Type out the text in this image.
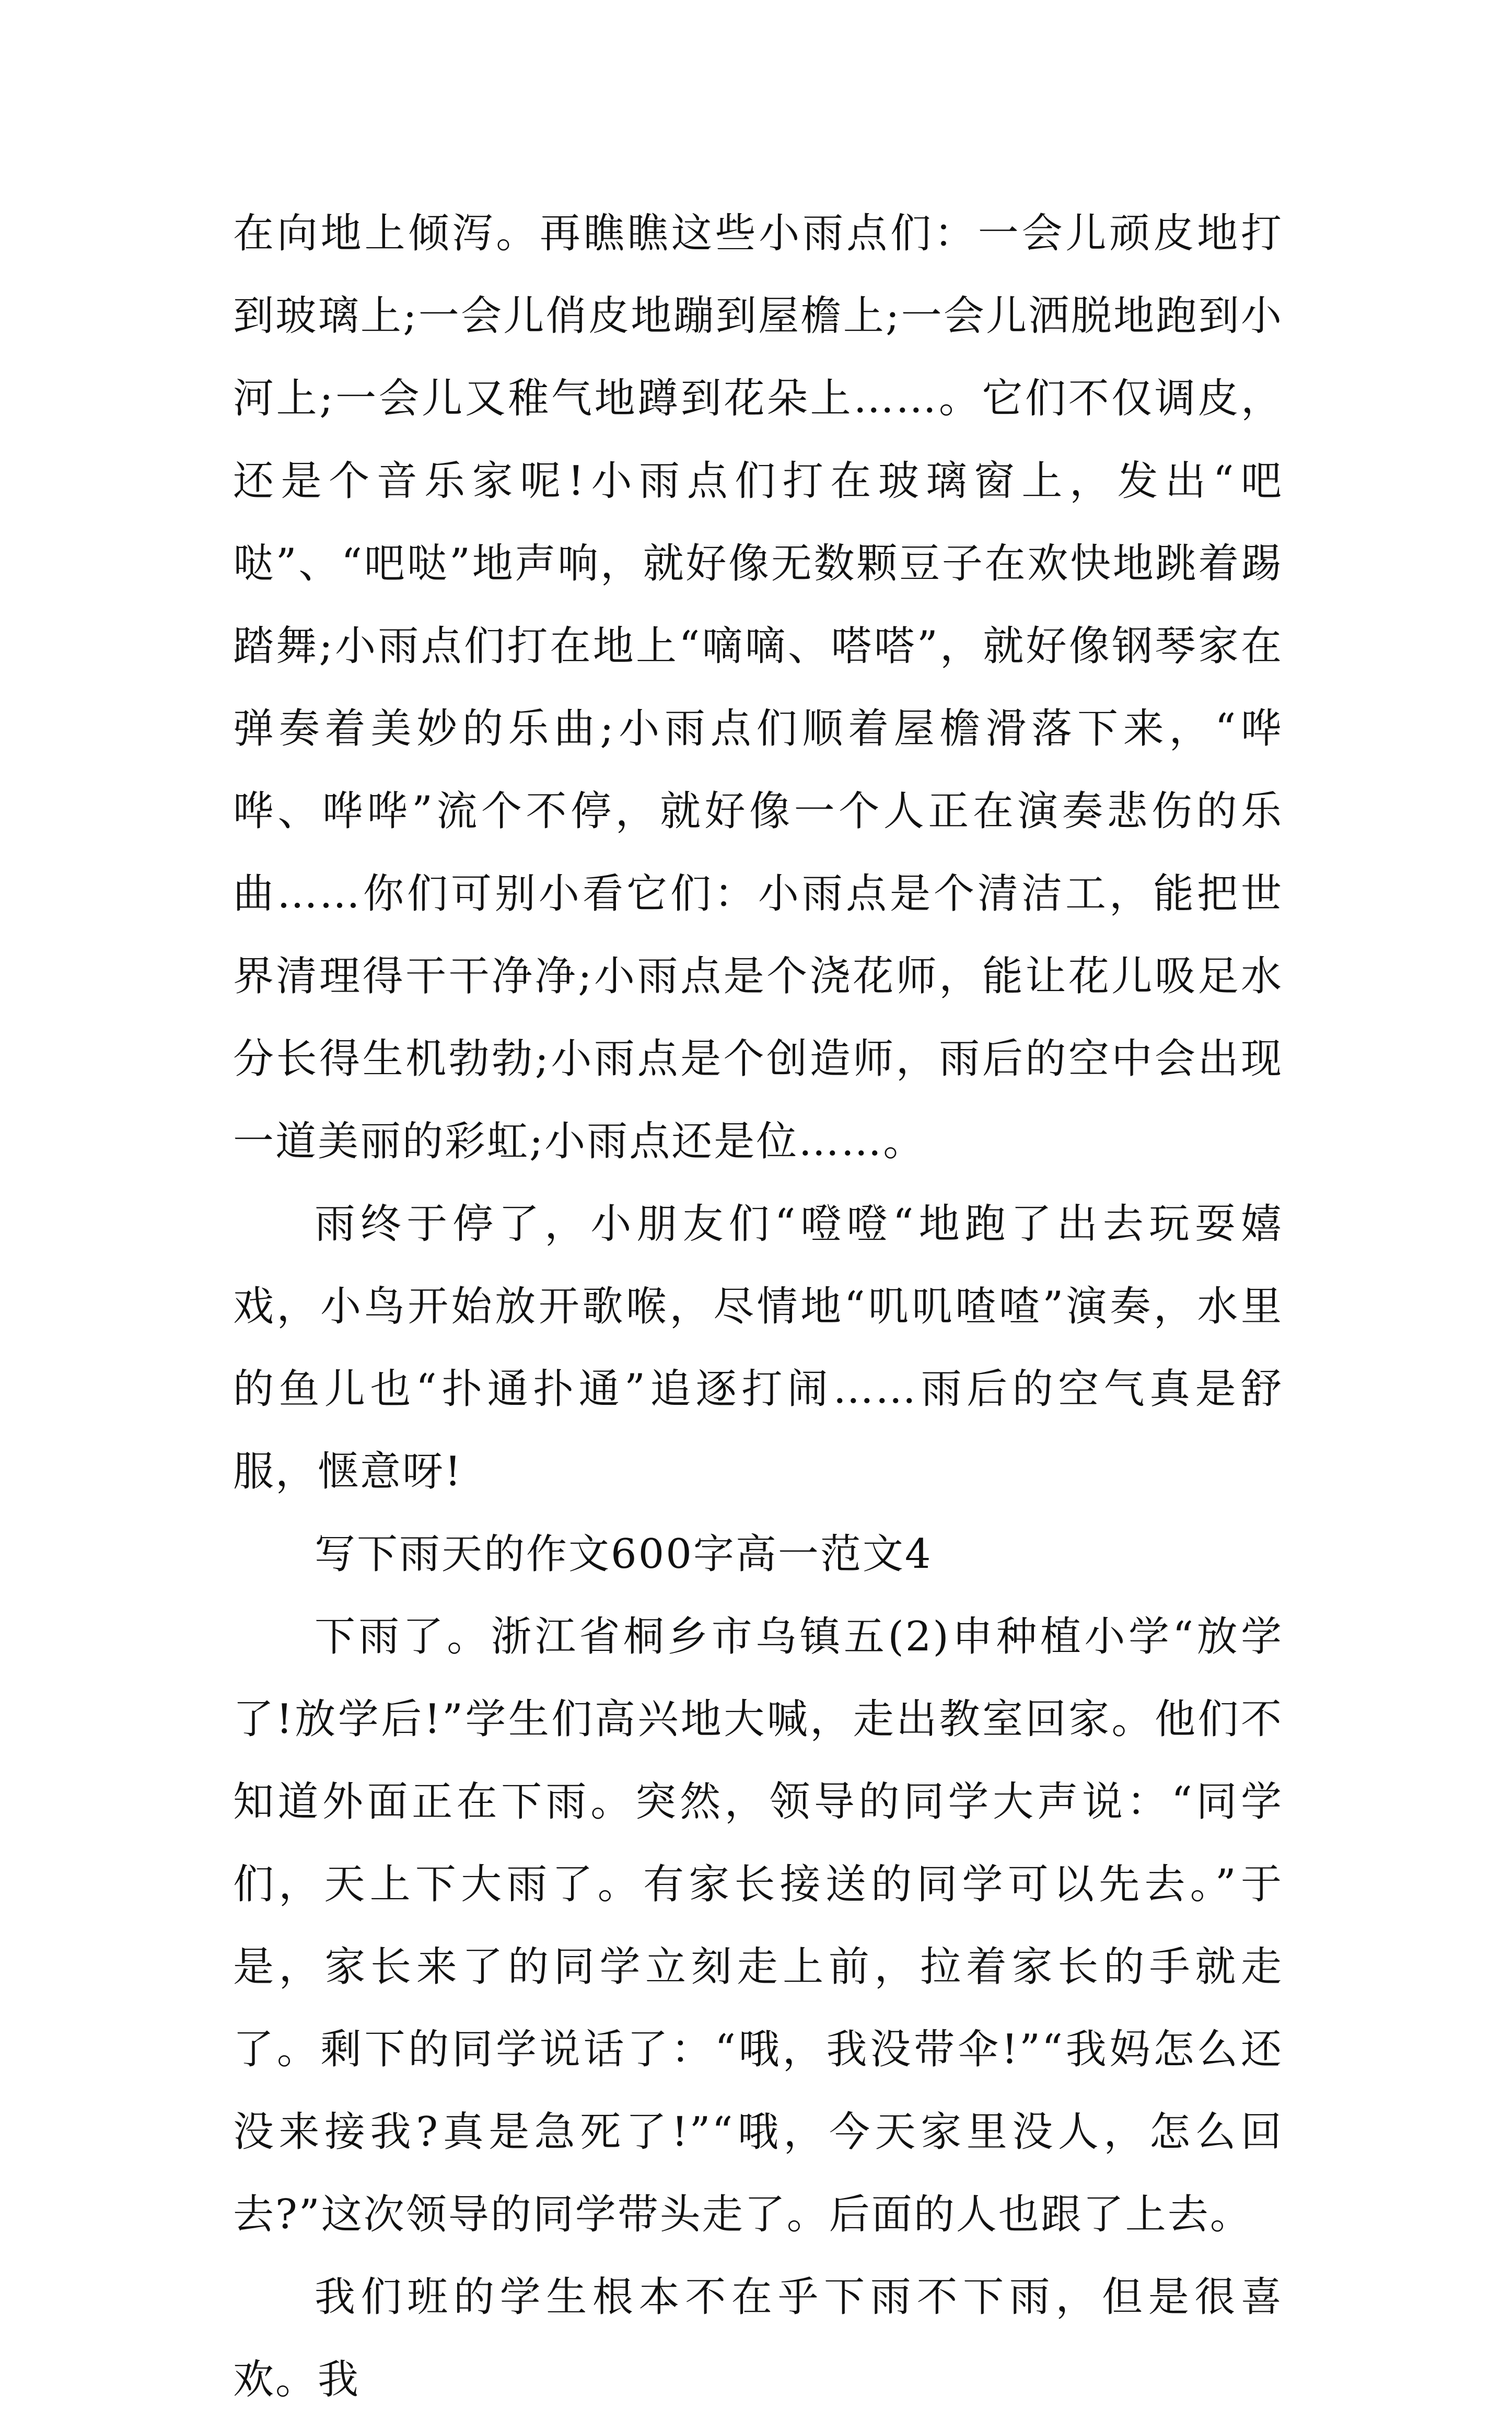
在向地上倾泻。再瞧瞧这些小雨点们：一会儿顽皮地打到玻璃上;一会儿俏皮地蹦到屋檐上;一会儿洒脱地跑到小河上;一会儿又稚气地蹲到花朵上……。它们不仅调皮，还是个音乐家呢!小雨点们打在玻璃窗上，发出“吧哒”、“吧哒”地声响，就好像无数颗豆子在欢快地跳着踢踏舞;小雨点们打在地上“嘀嘀、嗒嗒”，就好像钢琴家在弹奏着美妙的乐曲;小雨点们顺着屋檐滑落下来，“哗哗、哗哗”流个不停，就好像一个人正在演奏悲伤的乐曲……你们可别小看它们：小雨点是个清洁工，能把世界清理得干干净净;小雨点是个浇花师，能让花儿吸足水分长得生机勃勃;小雨点是个创造师，雨后的空中会出现一道美丽的彩虹;小雨点还是位……。

雨终于停了，小朋友们“噔噔“地跑了出去玩耍嬉戏，小鸟开始放开歌喉，尽情地“叽叽喳喳”演奏，水里的鱼儿也“扑通扑通”追逐打闹……雨后的空气真是舒服，惬意呀!

写下雨天的作文600字高一范文4

下雨了。浙江省桐乡市乌镇五(2)申种植小学“放学了!放学后!”学生们高兴地大喊，走出教室回家。他们不知道外面正在下雨。突然，领导的同学大声说：“同学们，天上下大雨了。有家长接送的同学可以先去。”于是，家长来了的同学立刻走上前，拉着家长的手就走了。剩下的同学说话了：“哦，我没带伞!”“我妈怎么还没来接我?真是急死了!”“哦，今天家里没人，怎么回去?”这次领导的同学带头走了。后面的人也跟了上去。

我们班的学生根本不在乎下雨不下雨，但是很喜欢。我
